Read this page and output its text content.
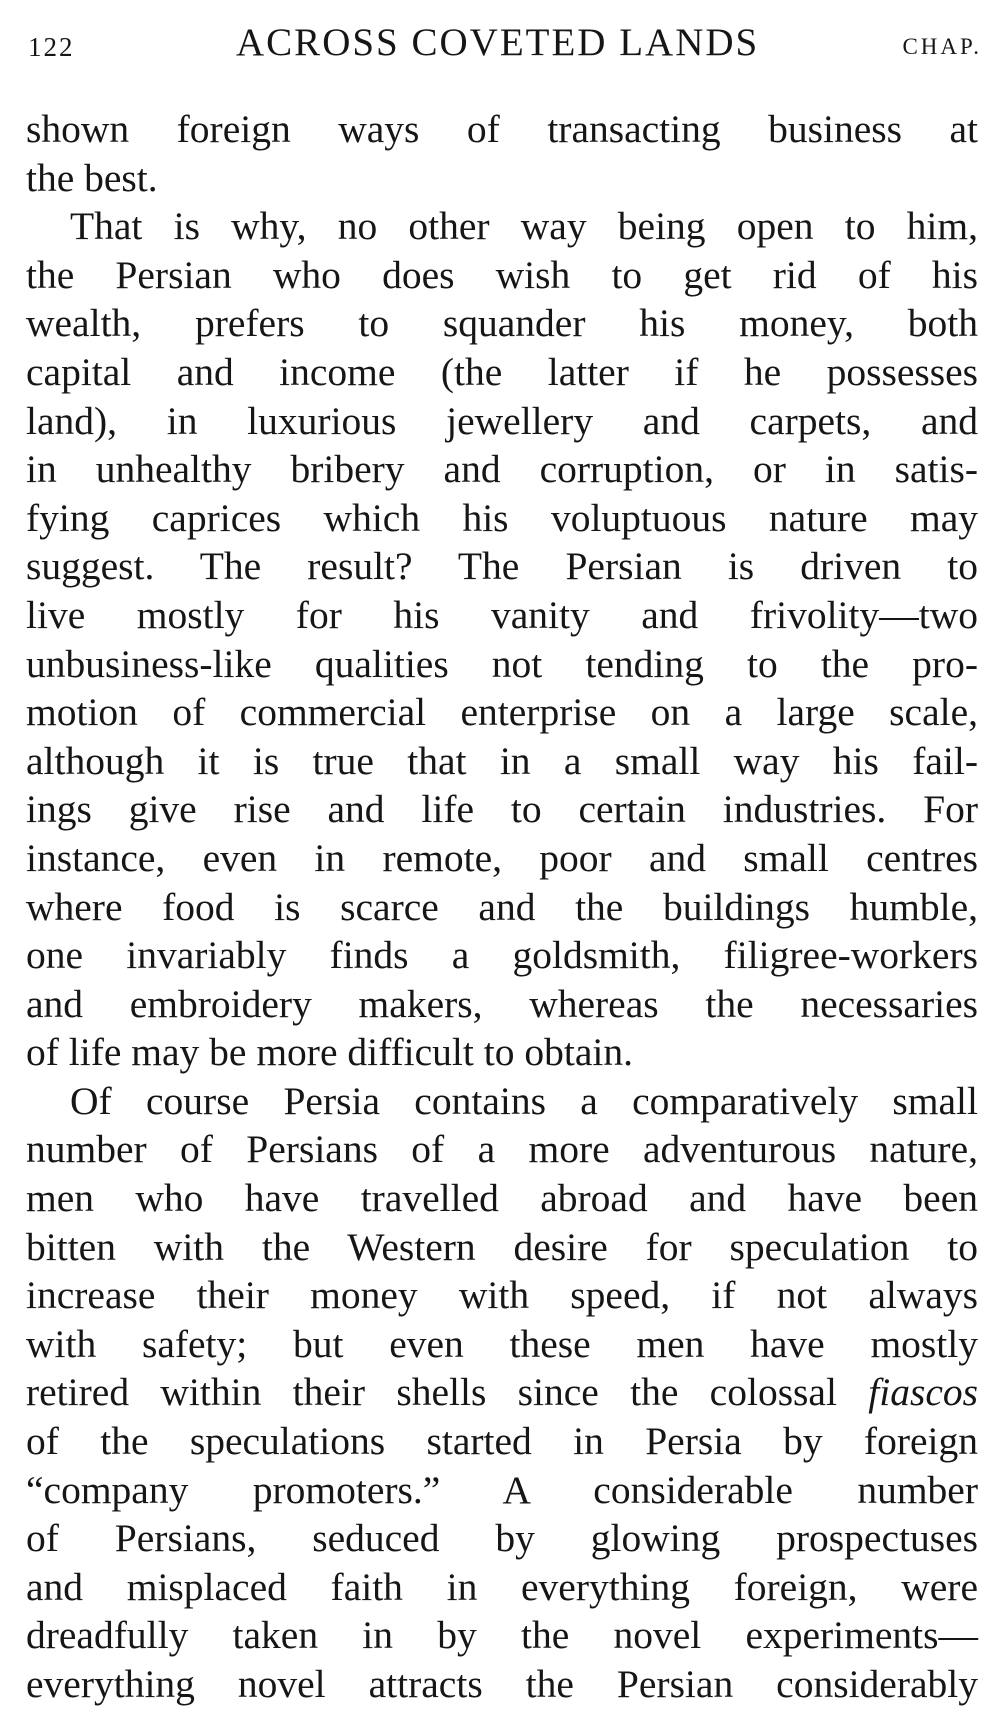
122	ACROSS COVETED LANDS	CHAP.
shown foreign ways of transacting business at
the best.
That is why, no other way being open to him,
the Persian who does wish to get rid of his
wealth, prefers to squander his money, both
capital and income (the latter if he possesses
land), in luxurious jewellery and carpets, and
in unhealthy bribery and corruption, or in satis-
fying caprices which his voluptuous nature may
suggest. The result? The Persian is driven to
live mostly for his vanity and frivolity—two
unbusiness-like qualities not tending to the pro-
motion of commercial enterprise on a large scale,
although it is true that in a small way his fail-
ings give rise and life to certain industries. For
instance, even in remote, poor and small centres
where food is scarce and the buildings humble,
one invariably finds a goldsmith, filigree-workers
and embroidery makers, whereas the necessaries
of life may be more difficult to obtain.
Of course Persia contains a comparatively small
number of Persians of a more adventurous nature,
men who have travelled abroad and have been
bitten with the Western desire for speculation to
increase their money with speed, if not always
with safety; but even these men have mostly
retired within their shells since the colossal fiascos
of the speculations started in Persia by foreign
“company promoters.” A considerable number
of Persians, seduced by glowing prospectuses
and misplaced faith in everything foreign, were
dreadfully taken in by the novel experiments—
everything novel attracts the Persian considerably
